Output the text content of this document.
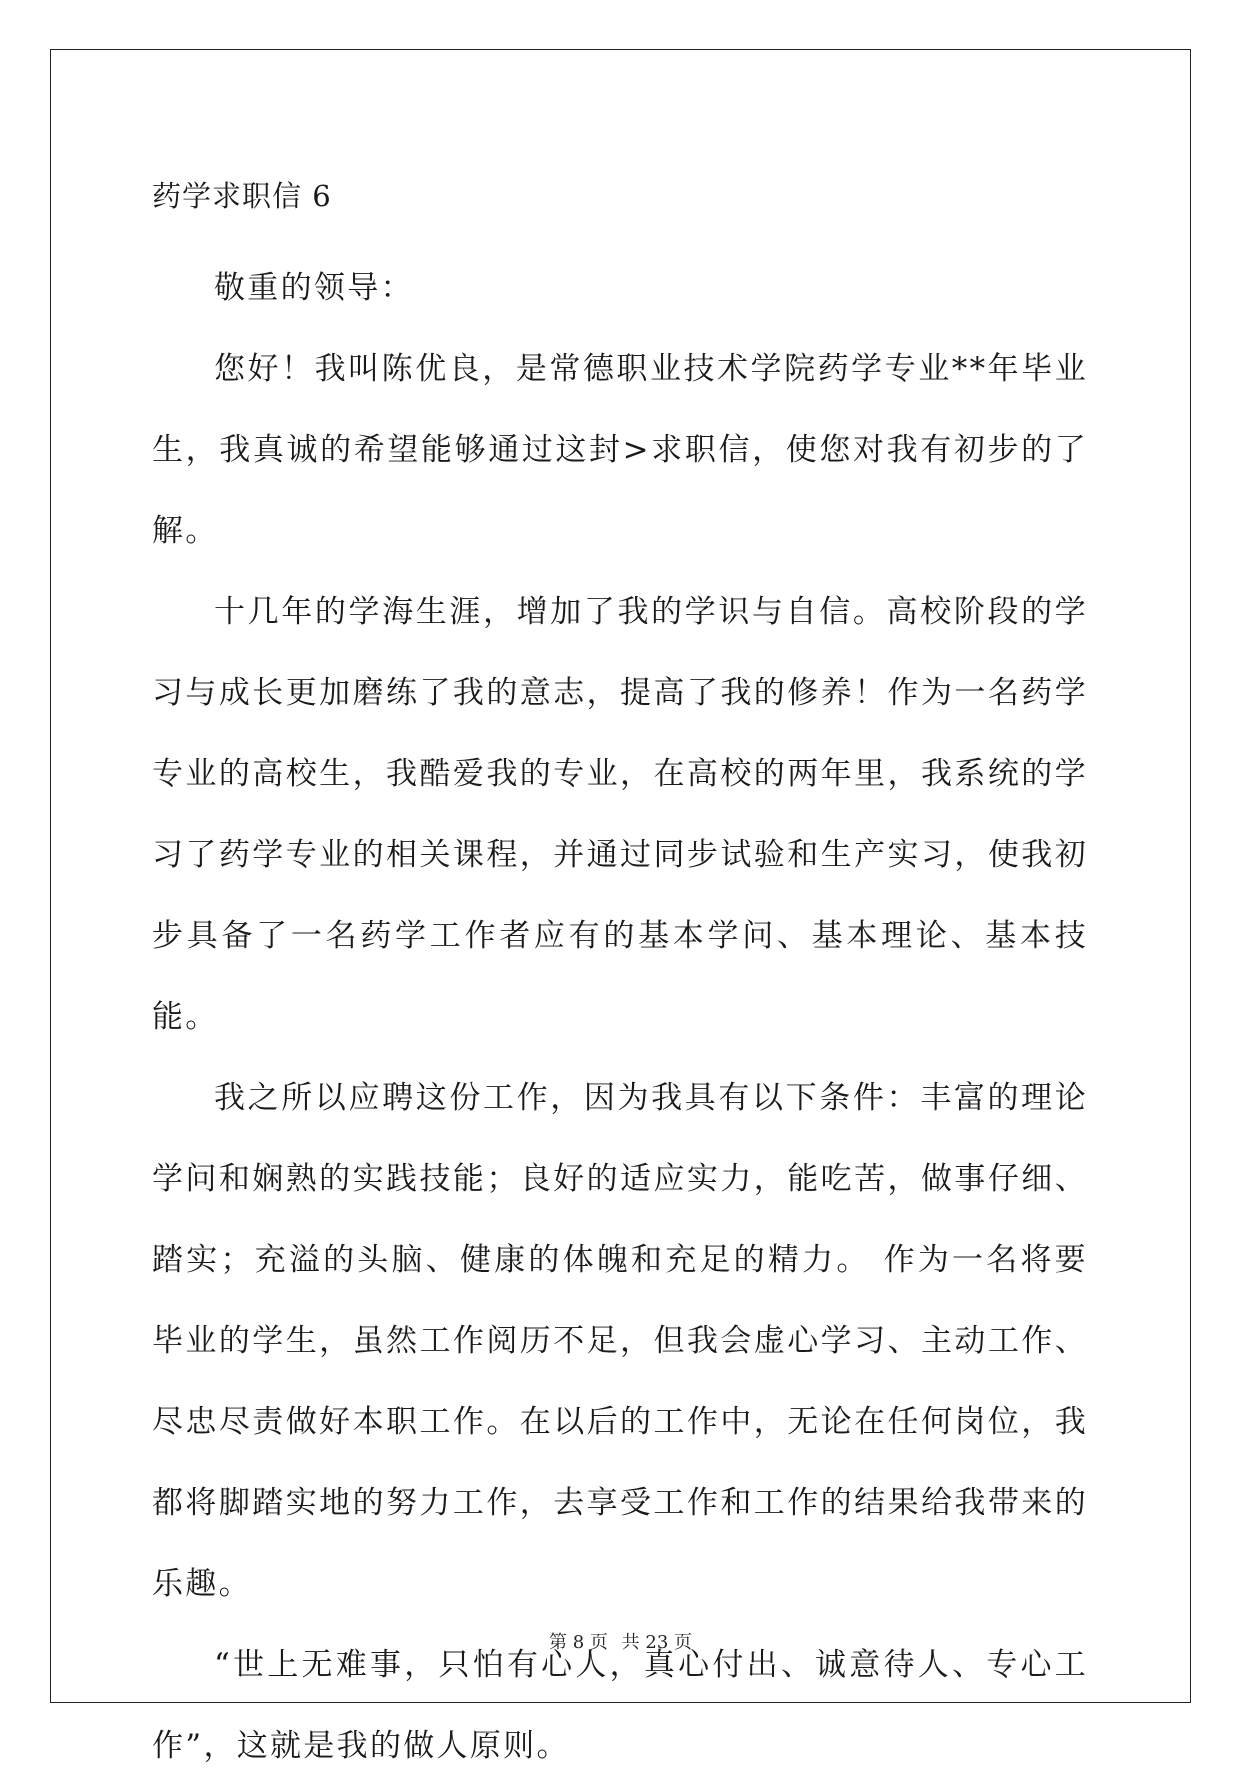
药学求职信 6

敬重的领导：

您好！我叫陈优良，是常德职业技术学院药学专业**年毕业生，我真诚的希望能够通过这封>求职信，使您对我有初步的了解。

十几年的学海生涯，增加了我的学识与自信。高校阶段的学习与成长更加磨练了我的意志，提高了我的修养！作为一名药学专业的高校生，我酷爱我的专业，在高校的两年里，我系统的学习了药学专业的相关课程，并通过同步试验和生产实习，使我初步具备了一名药学工作者应有的基本学问、基本理论、基本技能。

我之所以应聘这份工作，因为我具有以下条件：丰富的理论学问和娴熟的实践技能；良好的适应实力，能吃苦，做事仔细、踏实；充溢的头脑、健康的体魄和充足的精力。 作为一名将要毕业的学生，虽然工作阅历不足，但我会虚心学习、主动工作、尽忠尽责做好本职工作。在以后的工作中，无论在任何岗位，我都将脚踏实地的努力工作，去享受工作和工作的结果给我带来的乐趣。

“世上无难事，只怕有心人，真心付出、诚意待人、专心工作”，这就是我的做人原则。

第 8 页 共 23 页
